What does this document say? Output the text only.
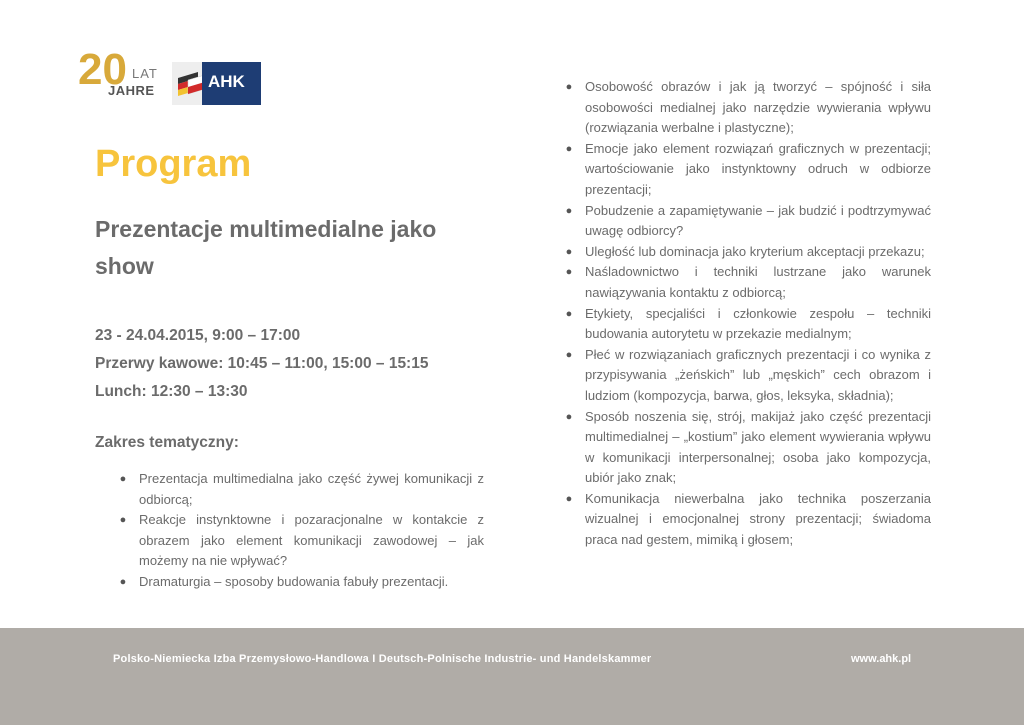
20 LAT
JAHRE	AHK
Program
Prezentacje multimedialne jako show
23 - 24.04.2015, 9:00 – 17:00
Przerwy kawowe: 10:45 – 11:00, 15:00 – 15:15
Lunch: 12:30 – 13:30
Zakres tematyczny:
● Prezentacja multimedialna jako część żywej komunikacji z odbiorcą;
● Reakcje instynktowne i pozaracjonalne w kontakcie z obrazem jako element komunikacji zawodowej – jak możemy na nie wpływać?
● Dramaturgia – sposoby budowania fabuły prezentacji.
● Osobowość obrazów i jak ją tworzyć – spójność i siła osobowości medialnej jako narzędzie wywierania wpływu (rozwiązania werbalne i plastyczne);
● Emocje jako element rozwiązań graficznych w prezentacji; wartościowanie jako instynktowny odruch w odbiorze prezentacji;
● Pobudzenie a zapamiętywanie – jak budzić i podtrzymywać uwagę odbiorcy?
● Uległość lub dominacja jako kryterium akceptacji przekazu;
● Naśladownictwo i techniki lustrzane jako warunek nawiązywania kontaktu z odbiorcą;
● Etykiety, specjaliści i członkowie zespołu – techniki budowania autorytetu w przekazie medialnym;
● Płeć w rozwiązaniach graficznych prezentacji i co wynika z przypisywania „żeńskich” lub „męskich” cech obrazom i ludziom (kompozycja, barwa, głos, leksyka, składnia);
● Sposób noszenia się, strój, makijaż jako część prezentacji multimedialnej – „kostium” jako element wywierania wpływu w komunikacji interpersonalnej; osoba jako kompozycja, ubiór jako znak;
● Komunikacja niewerbalna jako technika poszerzania wizualnej i emocjonalnej strony prezentacji; świadoma praca nad gestem, mimiką i głosem;
Polsko-Niemiecka Izba Przemysłowo-Handlowa I Deutsch-Polnische Industrie- und Handelskammer	www.ahk.pl
